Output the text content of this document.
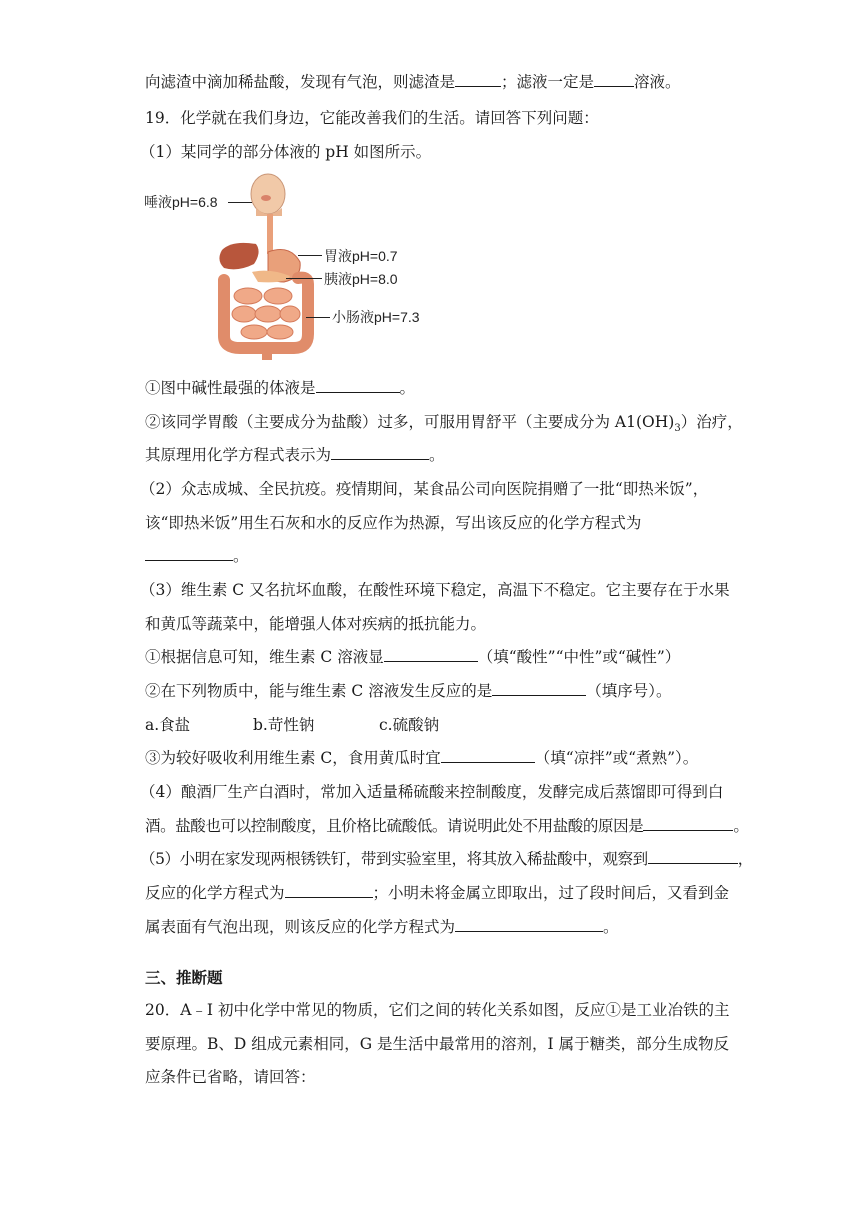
向滤渣中滴加稀盐酸，发现有气泡，则滤渣是	；滤液一定是	溶液。
19．化学就在我们身边，它能改善我们的生活。请回答下列问题：
（1）某同学的部分体液的 pH 如图所示。
唾液pH=6.8
胃液pH=0.7
胰液pH=8.0
小肠液pH=7.3
①图中碱性最强的体液是	。
②该同学胃酸（主要成分为盐酸）过多，可服用胃舒平（主要成分为 $A1(OH)_3$）治疗，
其原理用化学方程式表示为	。
（2）众志成城、全民抗疫。疫情期间，某食品公司向医院捐赠了一批“即热米饭”，
该“即热米饭”用生石灰和水的反应作为热源，写出该反应的化学方程式为
。
（3）维生素 C 又名抗坏血酸，在酸性环境下稳定，高温下不稳定。它主要存在于水果
和黄瓜等蔬菜中，能增强人体对疾病的抵抗能力。
①根据信息可知，维生素 C 溶液显	（填“酸性”“中性”或“碱性”）
②在下列物质中，能与维生素 C 溶液发生反应的是	（填序号）。
a.食盐	b.苛性钠	c.硫酸钠
③为较好吸收利用维生素 C，食用黄瓜时宜	（填“凉拌”或“煮熟”）。
（4）酿酒厂生产白酒时，常加入适量稀硫酸来控制酸度，发酵完成后蒸馏即可得到白
酒。盐酸也可以控制酸度，且价格比硫酸低。请说明此处不用盐酸的原因是	。
（5）小明在家发现两根锈铁钉，带到实验室里，将其放入稀盐酸中，观察到	，
反应的化学方程式为	；小明未将金属立即取出，过了段时间后，又看到金
属表面有气泡出现，则该反应的化学方程式为	。
三、推断题
20．A﹣I 初中化学中常见的物质，它们之间的转化关系如图，反应①是工业冶铁的主
要原理。B、D 组成元素相同，G 是生活中最常用的溶剂，I 属于糖类，部分生成物反
应条件已省略，请回答：
